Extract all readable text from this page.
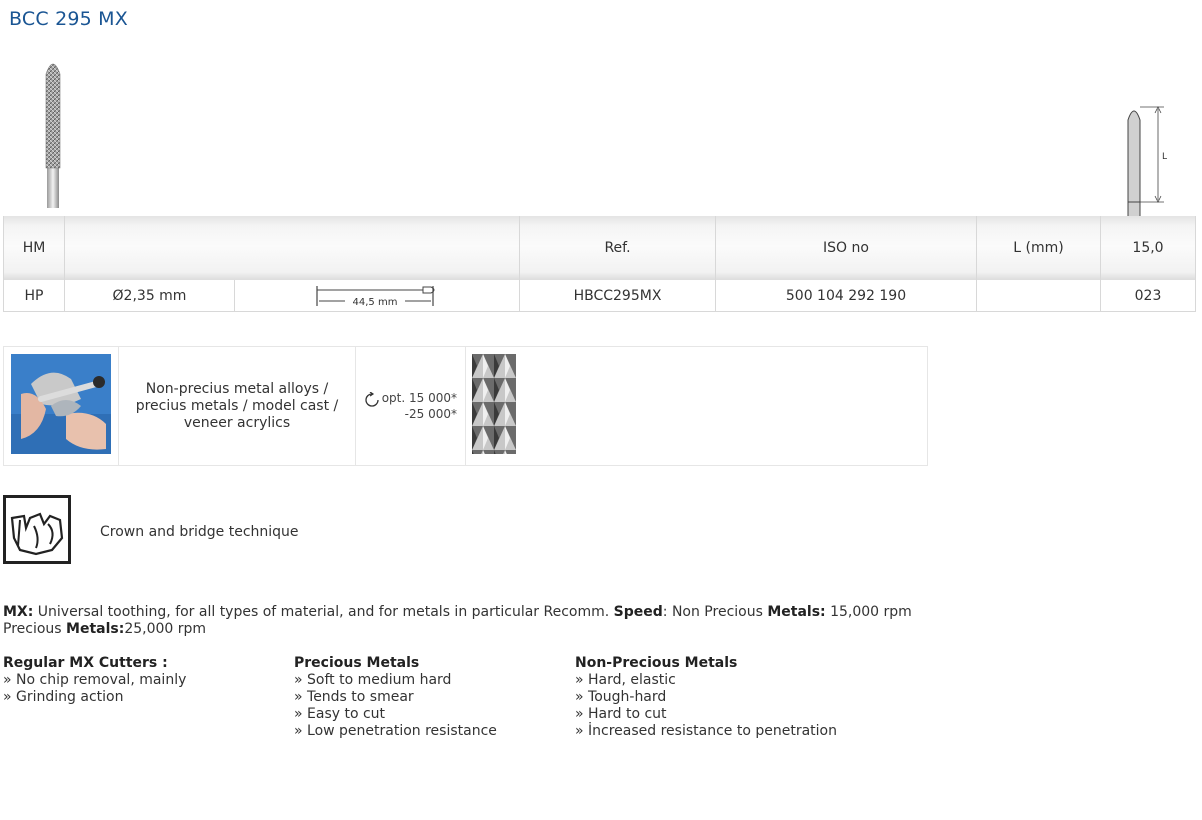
BCC 295 MX
L
HM			Ref.	ISO no	L (mm)	15,0
HP	Ø2,35 mm	44,5 mm	HBCC295MX	500 104 292 190		023
	Non-precius metal alloys / precius metals / model cast / veneer acrylics	
opt. 15 000*
-25 000*

Crown and bridge technique
MX: Universal toothing, for all types of material, and for metals in particular Recomm. Speed: Non Precious Metals: 15,000 rpm Precious Metals:25,000 rpm
Regular MX Cutters :
» No chip removal, mainly
» Grinding action
Precious Metals
» Soft to medium hard
» Tends to smear
» Easy to cut
» Low penetration resistance
Non-Precious Metals
» Hard, elastic
» Tough-hard
» Hard to cut
» İncreased resistance to penetration
